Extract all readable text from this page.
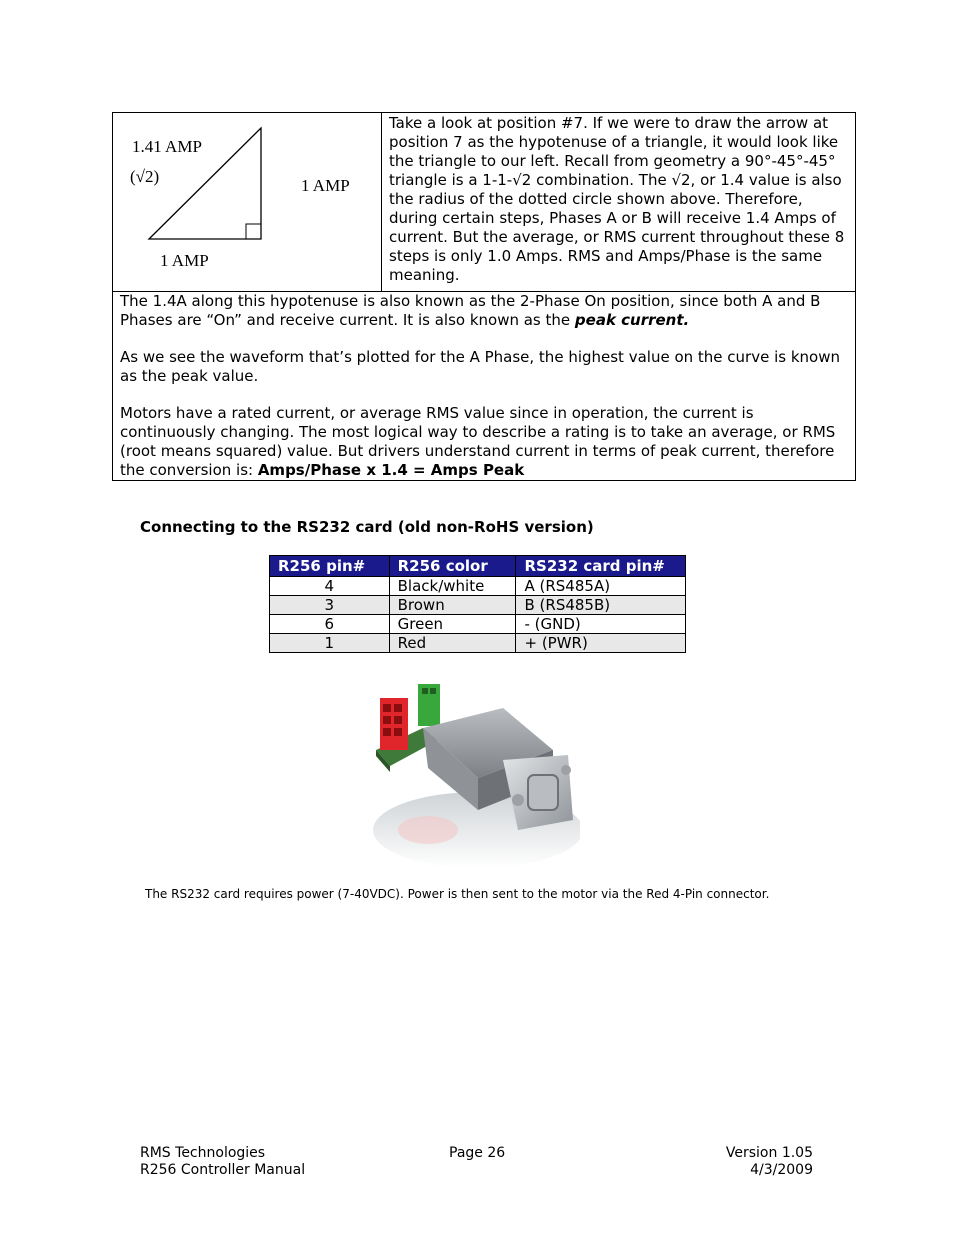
1.41 AMP
(√2)	1 AMP
1 AMP
Take a look at position #7. If we were to draw the arrow at position 7 as the hypotenuse of a triangle, it would look like the triangle to our left. Recall from geometry a 90°-45°-45° triangle is a 1-1-√2 combination. The √2, or 1.4 value is also the radius of the dotted circle shown above. Therefore, during certain steps, Phases A or B will receive 1.4 Amps of current. But the average, or RMS current throughout these 8 steps is only 1.0 Amps. RMS and Amps/Phase is the same meaning.

The 1.4A along this hypotenuse is also known as the 2-Phase On position, since both A and B Phases are “On” and receive current. It is also known as the peak current.

As we see the waveform that’s plotted for the A Phase, the highest value on the curve is known as the peak value.

Motors have a rated current, or average RMS value since in operation, the current is continuously changing. The most logical way to describe a rating is to take an average, or RMS (root means squared) value. But drivers understand current in terms of peak current, therefore the conversion is: Amps/Phase x 1.4 = Amps Peak

Connecting to the RS232 card (old non-RoHS version)
R256 pin#	R256 color	RS232 card pin#
4	Black/white	A (RS485A)
3	Brown	B (RS485B)
6	Green	- (GND)
1	Red	+ (PWR)
The RS232 card requires power (7-40VDC). Power is then sent to the motor via the Red 4-Pin connector.
RMS Technologies
R256 Controller Manual
Page 26	Version 1.05
4/3/2009
